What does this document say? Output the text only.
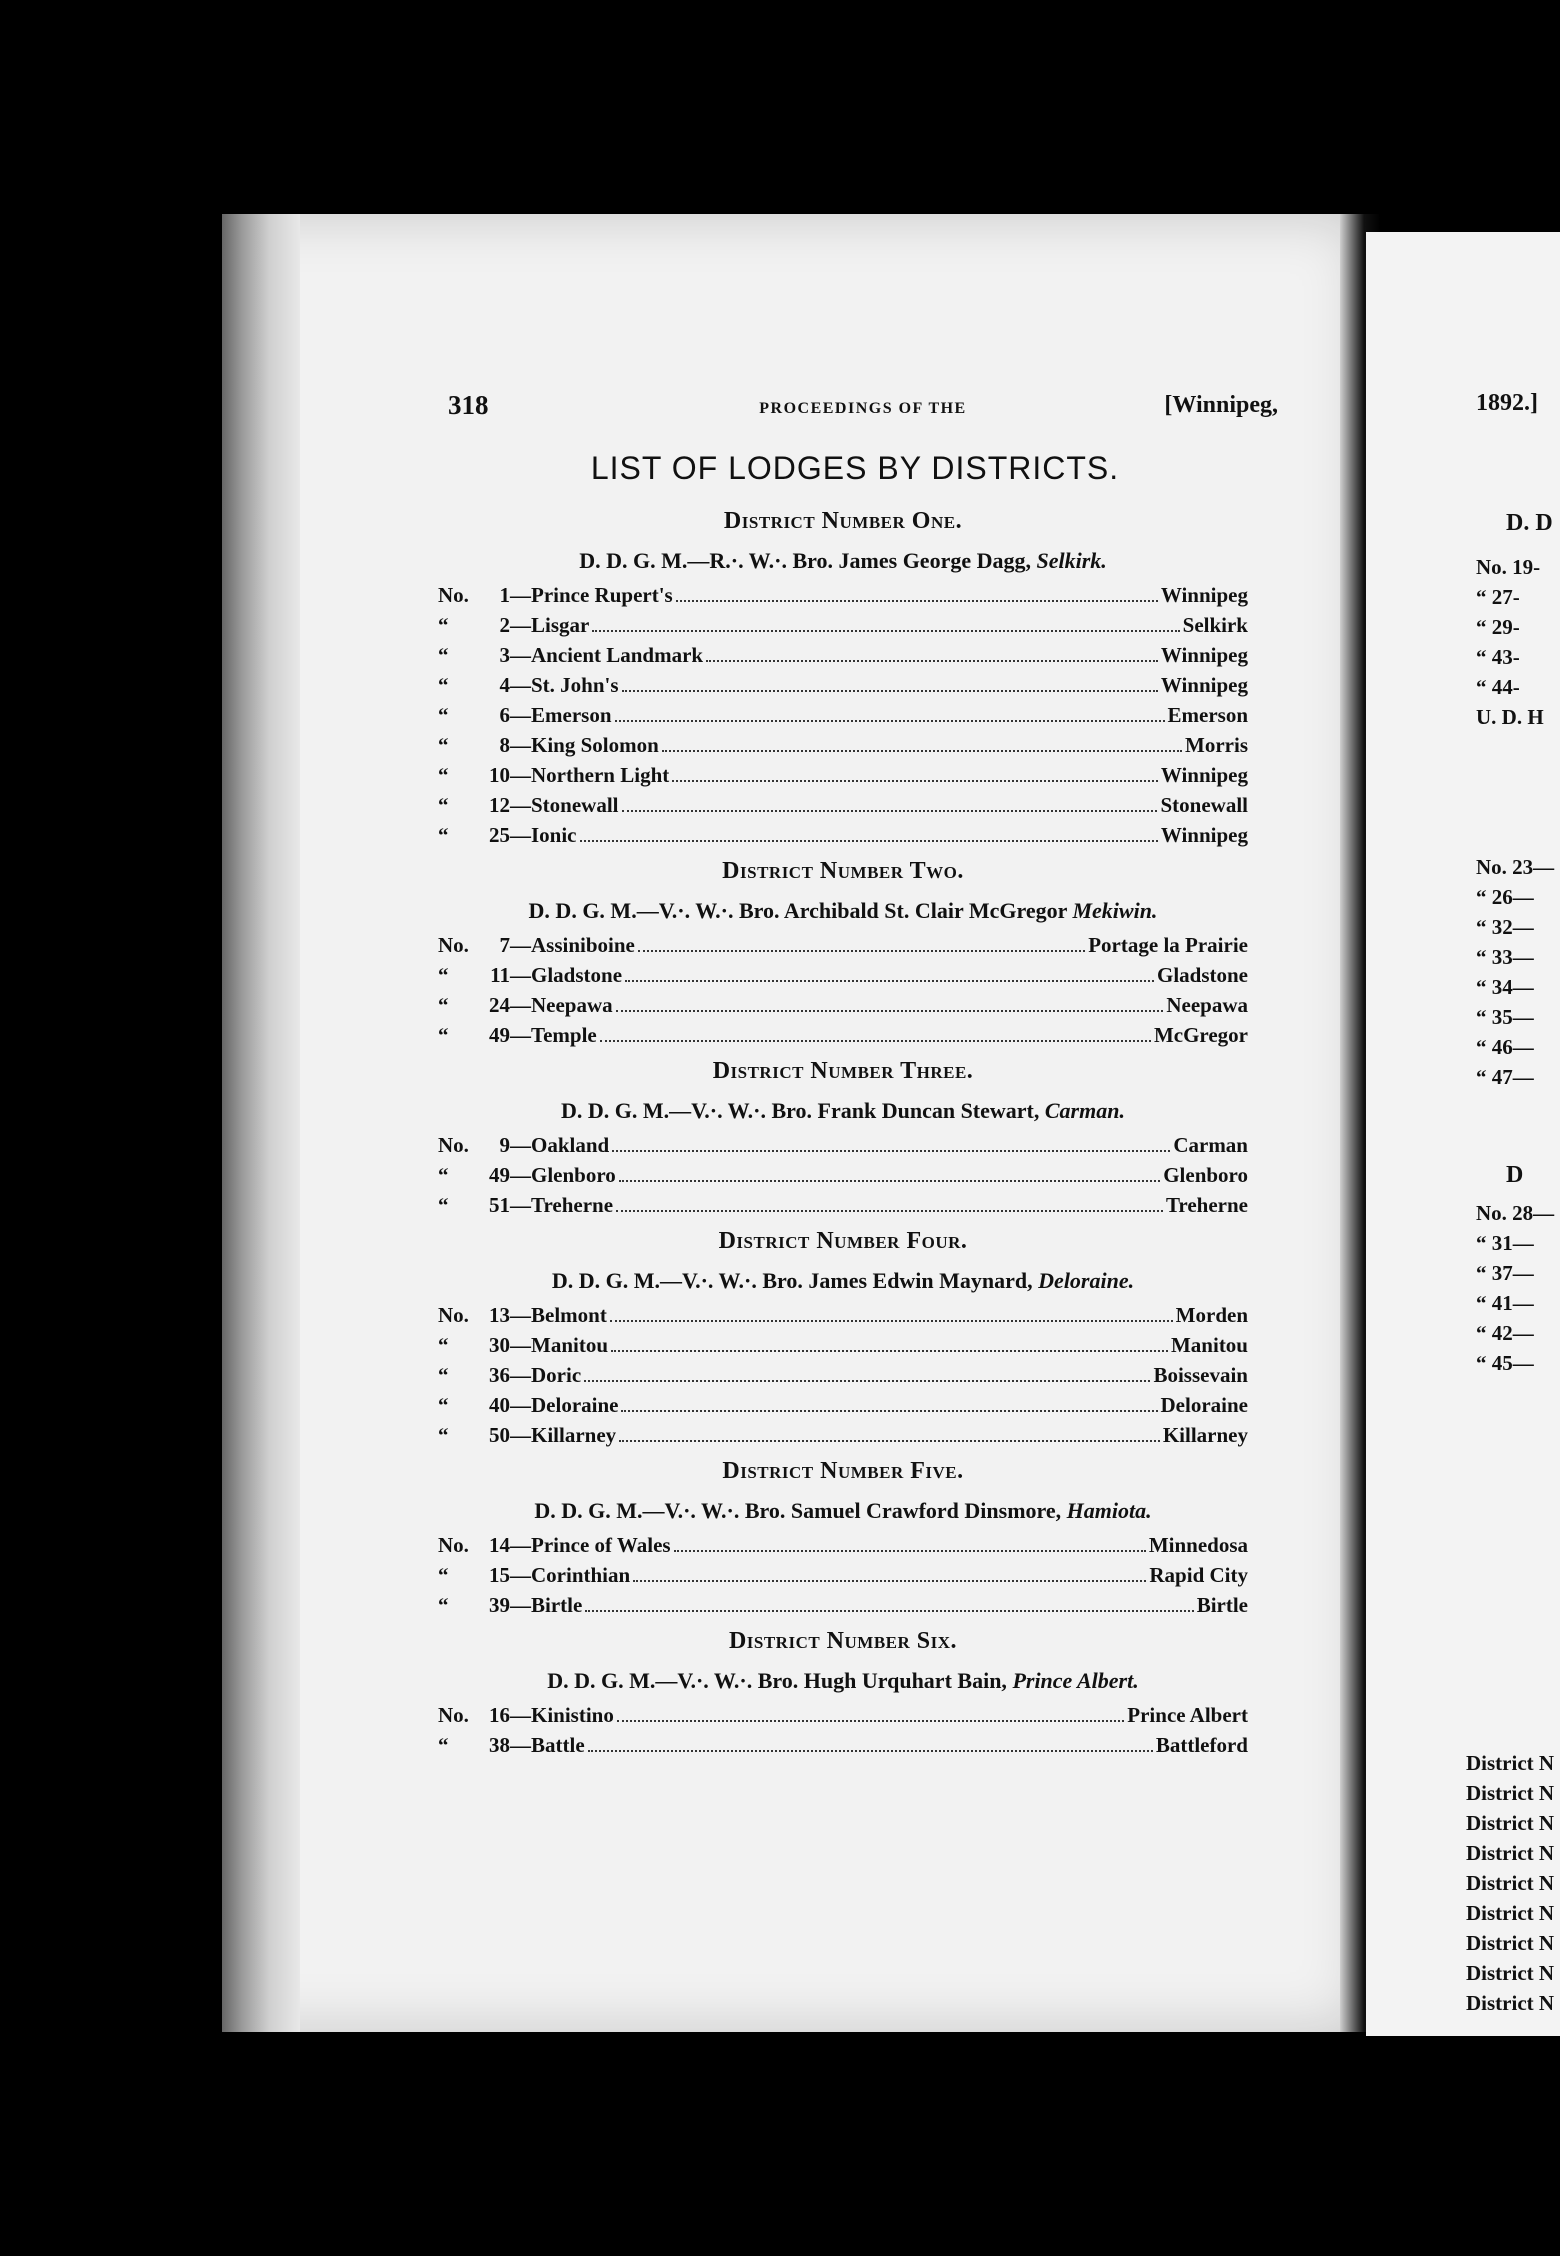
318	PROCEEDINGS OF THE	[Winnipeg,
LIST OF LODGES BY DISTRICTS.
District Number One.
D. D. G. M.—R.·. W.·. Bro. James George Dagg, Selkirk.
No.	1 —Prince Rupert's	Winnipeg
“	2 —Lisgar	Selkirk
“	3 —Ancient Landmark	Winnipeg
“	4 —St. John's	Winnipeg
“	6 —Emerson	Emerson
“	8 —King Solomon	Morris
“	10 —Northern Light	Winnipeg
“	12 —Stonewall	Stonewall
“	25 —Ionic	Winnipeg
District Number Two.
D. D. G. M.—V.·. W.·. Bro. Archibald St. Clair McGregor Mekiwin.
No.	7 —Assiniboine	Portage la Prairie
“	11 —Gladstone	Gladstone
“	24 —Neepawa	Neepawa
“	49 —Temple	McGregor
District Number Three.
D. D. G. M.—V.·. W.·. Bro. Frank Duncan Stewart, Carman.
No.	9 —Oakland	Carman
“	49 —Glenboro	Glenboro
“	51 —Treherne	Treherne
District Number Four.
D. D. G. M.—V.·. W.·. Bro. James Edwin Maynard, Deloraine.
No. 13 —Belmont	Morden
“	30 —Manitou	Manitou
“	36 —Doric	Boissevain
“	40 —Deloraine	Deloraine
“	50 —Killarney	Killarney
District Number Five.
D. D. G. M.—V.·. W.·. Bro. Samuel Crawford Dinsmore, Hamiota.
No. 14 —Prince of Wales	Minnedosa
“	15 —Corinthian	Rapid City
“	39 —Birtle	Birtle
District Number Six.
D. D. G. M.—V.·. W.·. Bro. Hugh Urquhart Bain, Prince Albert.
No. 16 —Kinistino	Prince Albert
“	38 —Battle	Battleford
1892.]
D. D
No. 19-
“ 27-
“ 29-
“ 43-
“ 44-
U. D. H
No. 23—
“ 26—
“ 32—
“ 33—
“ 34—
“ 35—
“ 46—
“ 47—
D
No. 28—
“ 31—
“ 37—
“ 41—
“ 42—
“ 45—
District N
District N
District N
District N
District N
District N
District N
District N
District N
